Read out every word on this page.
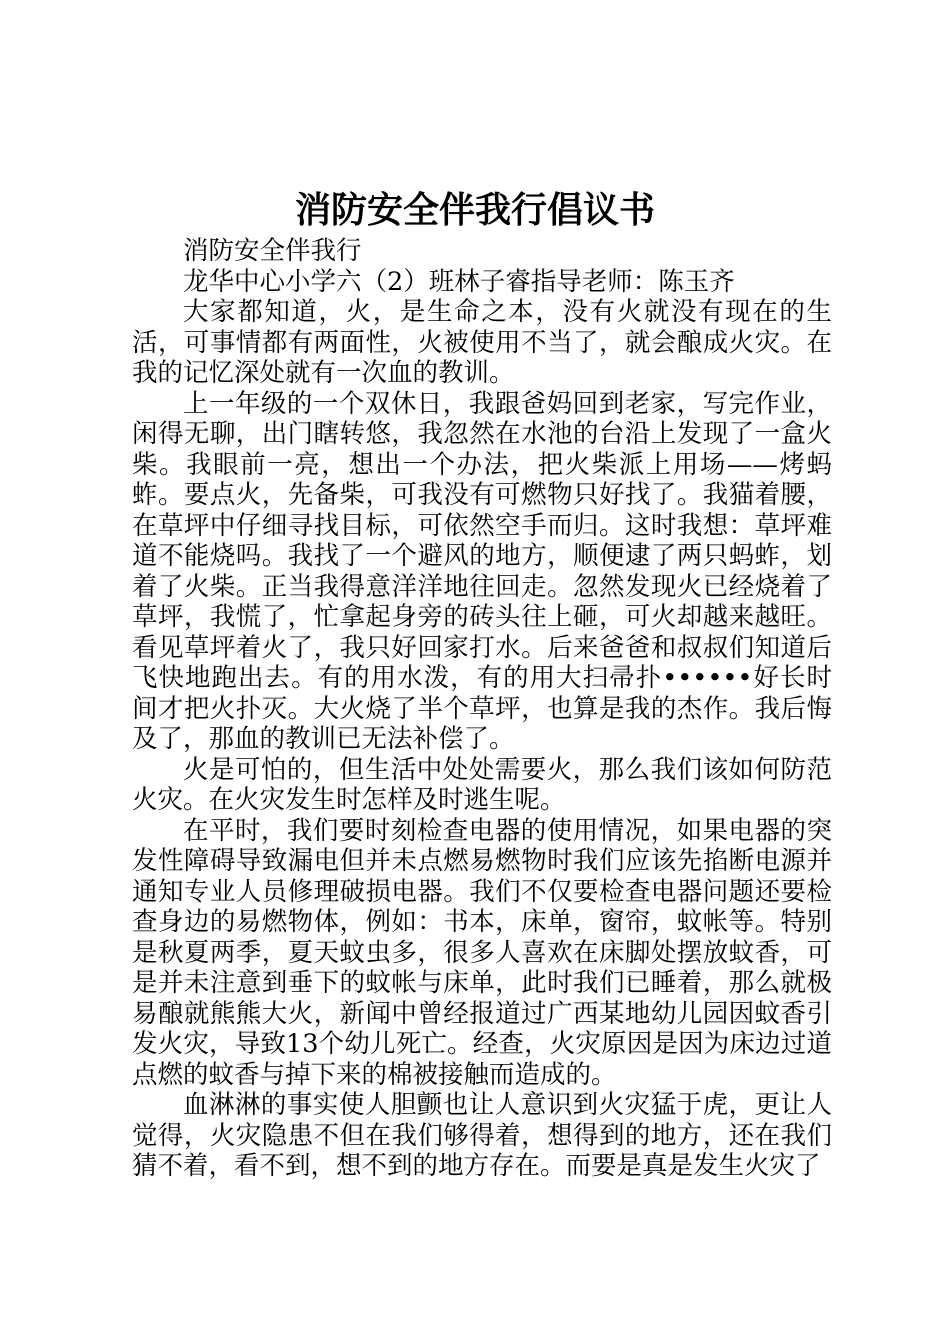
消防安全伴我行倡议书

消防安全伴我行

龙华中心小学六（2）班林子睿指导老师：陈玉齐

大家都知道，火，是生命之本，没有火就没有现在的生活，可事情都有两面性，火被使用不当了，就会酿成火灾。在我的记忆深处就有一次血的教训。

上一年级的一个双休日，我跟爸妈回到老家，写完作业，闲得无聊，出门瞎转悠，我忽然在水池的台沿上发现了一盒火柴。我眼前一亮，想出一个办法，把火柴派上用场——烤蚂蚱。要点火，先备柴，可我没有可燃物只好找了。我猫着腰，在草坪中仔细寻找目标，可依然空手而归。这时我想：草坪难道不能烧吗。我找了一个避风的地方，顺便逮了两只蚂蚱，划着了火柴。正当我得意洋洋地往回走。忽然发现火已经烧着了草坪，我慌了，忙拿起身旁的砖头往上砸，可火却越来越旺。看见草坪着火了，我只好回家打水。后来爸爸和叔叔们知道后飞快地跑出去。有的用水泼，有的用大扫帚扑••••••好长时间才把火扑灭。大火烧了半个草坪，也算是我的杰作。我后悔及了，那血的教训已无法补偿了。

火是可怕的，但生活中处处需要火，那么我们该如何防范火灾。在火灾发生时怎样及时逃生呢。

在平时，我们要时刻检查电器的使用情况，如果电器的突发性障碍导致漏电但并未点燃易燃物时我们应该先掐断电源并通知专业人员修理破损电器。我们不仅要检查电器问题还要检查身边的易燃物体，例如：书本，床单，窗帘，蚊帐等。特别是秋夏两季，夏天蚊虫多，很多人喜欢在床脚处摆放蚊香，可是并未注意到垂下的蚊帐与床单，此时我们已睡着，那么就极易酿就熊熊大火，新闻中曾经报道过广西某地幼儿园因蚊香引发火灾，导致13个幼儿死亡。经查，火灾原因是因为床边过道点燃的蚊香与掉下来的棉被接触而造成的。

血淋淋的事实使人胆颤也让人意识到火灾猛于虎，更让人觉得，火灾隐患不但在我们够得着，想得到的地方，还在我们猜不着，看不到，想不到的地方存在。而要是真是发生火灾了
